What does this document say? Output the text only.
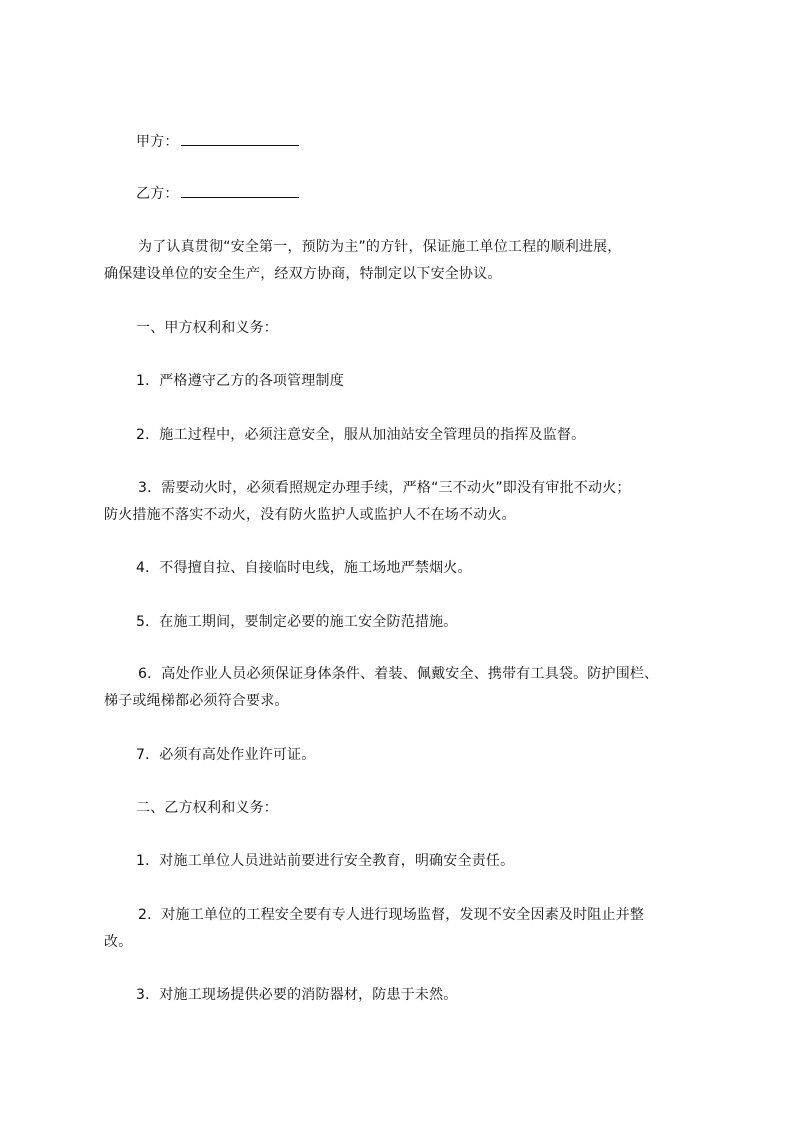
甲方：
乙方：
为了认真贯彻“安全第一，预防为主”的方针，保证施工单位工程的顺利进展，
确保建设单位的安全生产，经双方协商，特制定以下安全协议。
一、甲方权利和义务：
1．严格遵守乙方的各项管理制度
2．施工过程中，必须注意安全，服从加油站安全管理员的指挥及监督。
3．需要动火时，必须看照规定办理手续，严格“三不动火”即没有审批不动火；
防火措施不落实不动火，没有防火监护人或监护人不在场不动火。
4．不得擅自拉、自接临时电线，施工场地严禁烟火。
5．在施工期间，要制定必要的施工安全防范措施。
6．高处作业人员必须保证身体条件、着装、佩戴安全、携带有工具袋。防护围栏、
梯子或绳梯都必须符合要求。
7．必须有高处作业许可证。
二、乙方权利和义务：
1．对施工单位人员进站前要进行安全教育，明确安全责任。
2．对施工单位的工程安全要有专人进行现场监督，发现不安全因素及时阻止并整
改。
3．对施工现场提供必要的消防器材，防患于未然。
